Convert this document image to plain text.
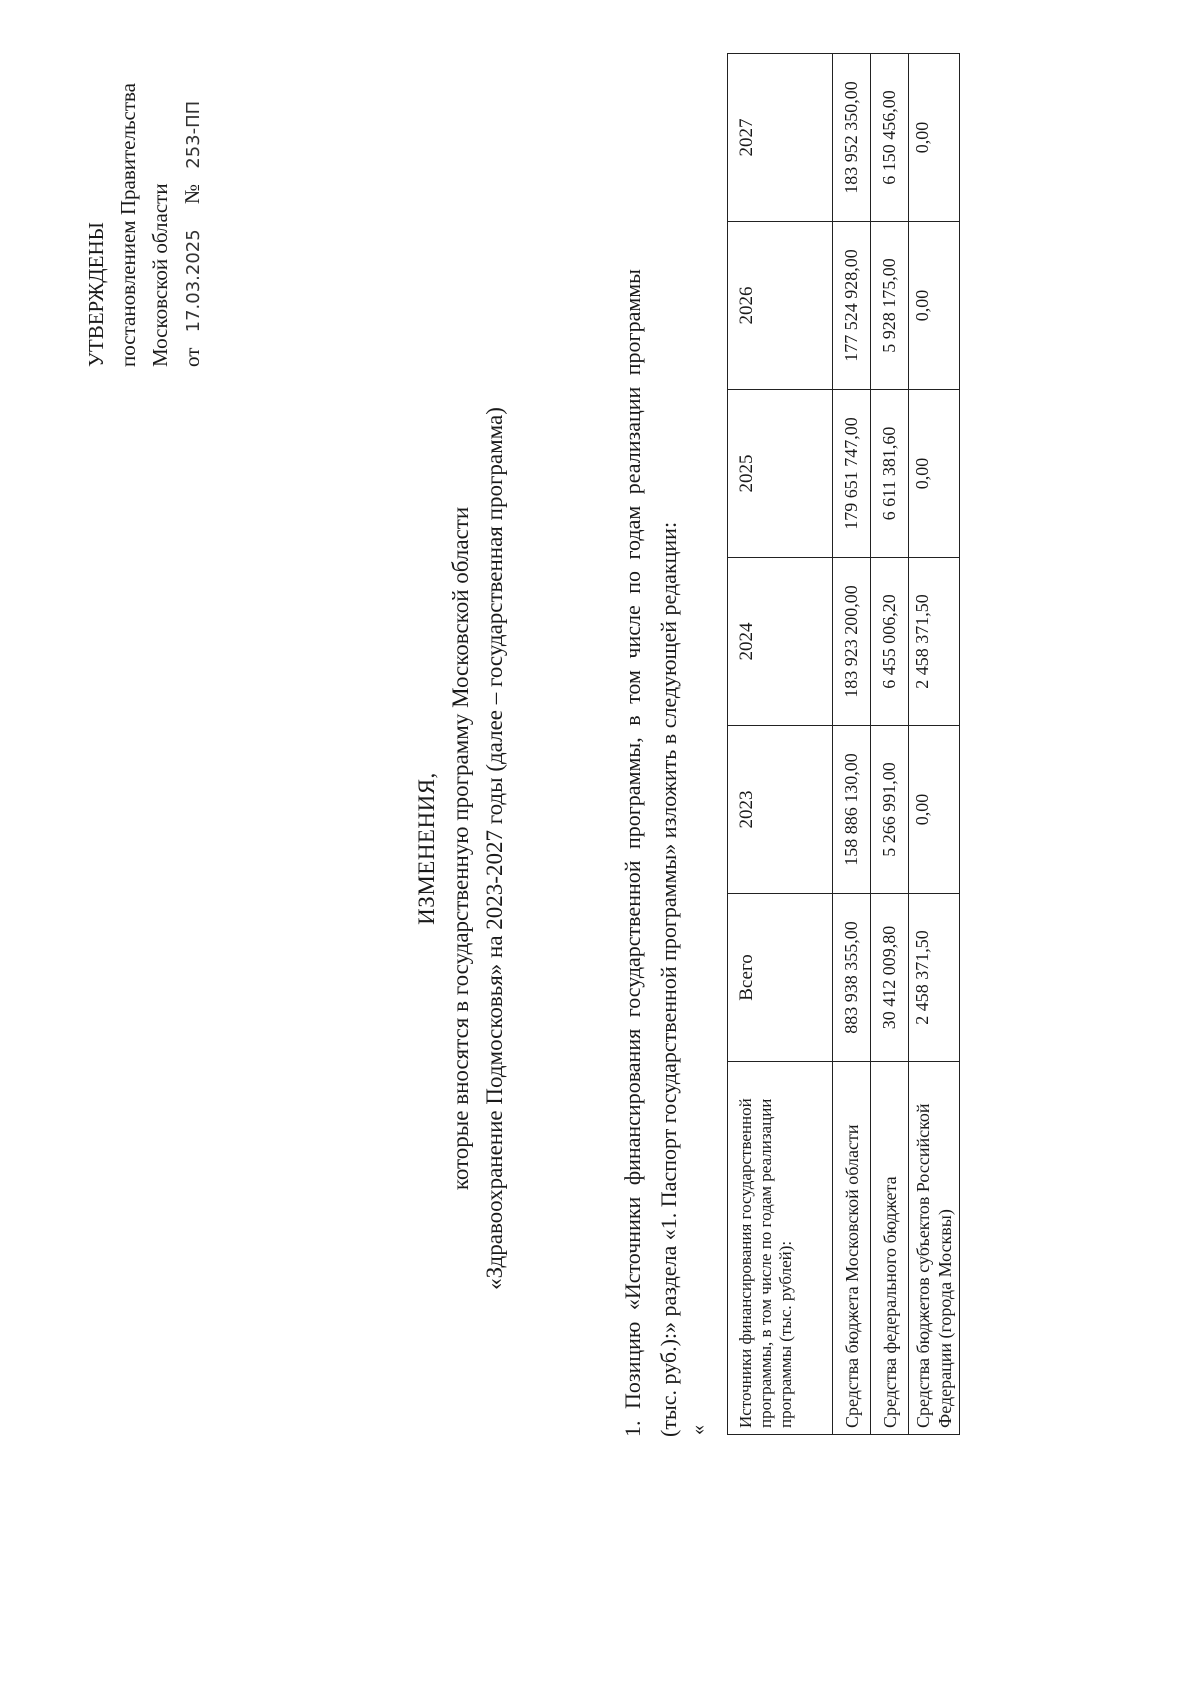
УТВЕРЖДЕНЫ постановлением Правительства Московской области от 17.03.2025 № 253-ПП
ИЗМЕНЕНИЯ, которые вносятся в государственную программу Московской области «Здравоохранение Подмосковья» на 2023-2027 годы (далее – государственная программа)	1. Позицию «Источники финансирования государственной программы, в том числе по годам реализации программы (тыс. руб.):» раздела «1. Паспорт государственной программы» изложить в следующей редакции: «
Источники финансирования государственной программы, в том числе по годам реализации программы (тыс. рублей):	Всего	2023	2024	2025	2026	2027
Средства бюджета Московской области	883 938 355,00	158 886 130,00	183 923 200,00	179 651 747,00	177 524 928,00	183 952 350,00
Средства федерального бюджета	30 412 009,80	5 266 991,00	6 455 006,20	6 611 381,60	5 928 175,00	6 150 456,00
Средства бюджетов субъектов Российской Федерации (города Москвы)	2 458 371,50	0,00	2 458 371,50	0,00	0,00	0,00
